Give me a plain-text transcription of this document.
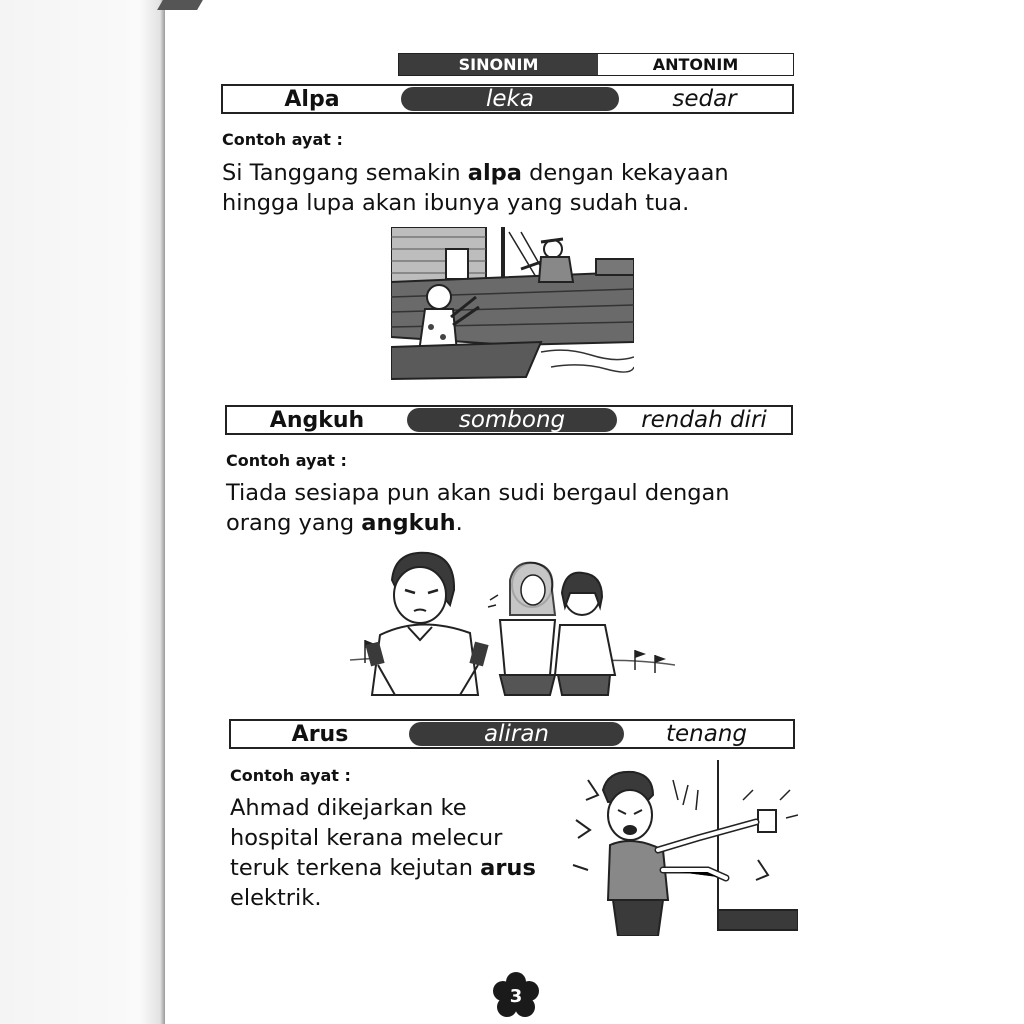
SINONIM	ANTONIM
Alpa	leka	sedar
Contoh ayat :
Si Tanggang semakin alpa dengan kekayaan hingga lupa akan ibunya yang sudah tua.
Angkuh	sombong	rendah diri
Contoh ayat :
Tiada sesiapa pun akan sudi bergaul dengan orang yang angkuh.
Arus	aliran	tenang
Contoh ayat :
Ahmad dikejarkan ke hospital kerana melecur teruk terkena kejutan arus elektrik.
3
